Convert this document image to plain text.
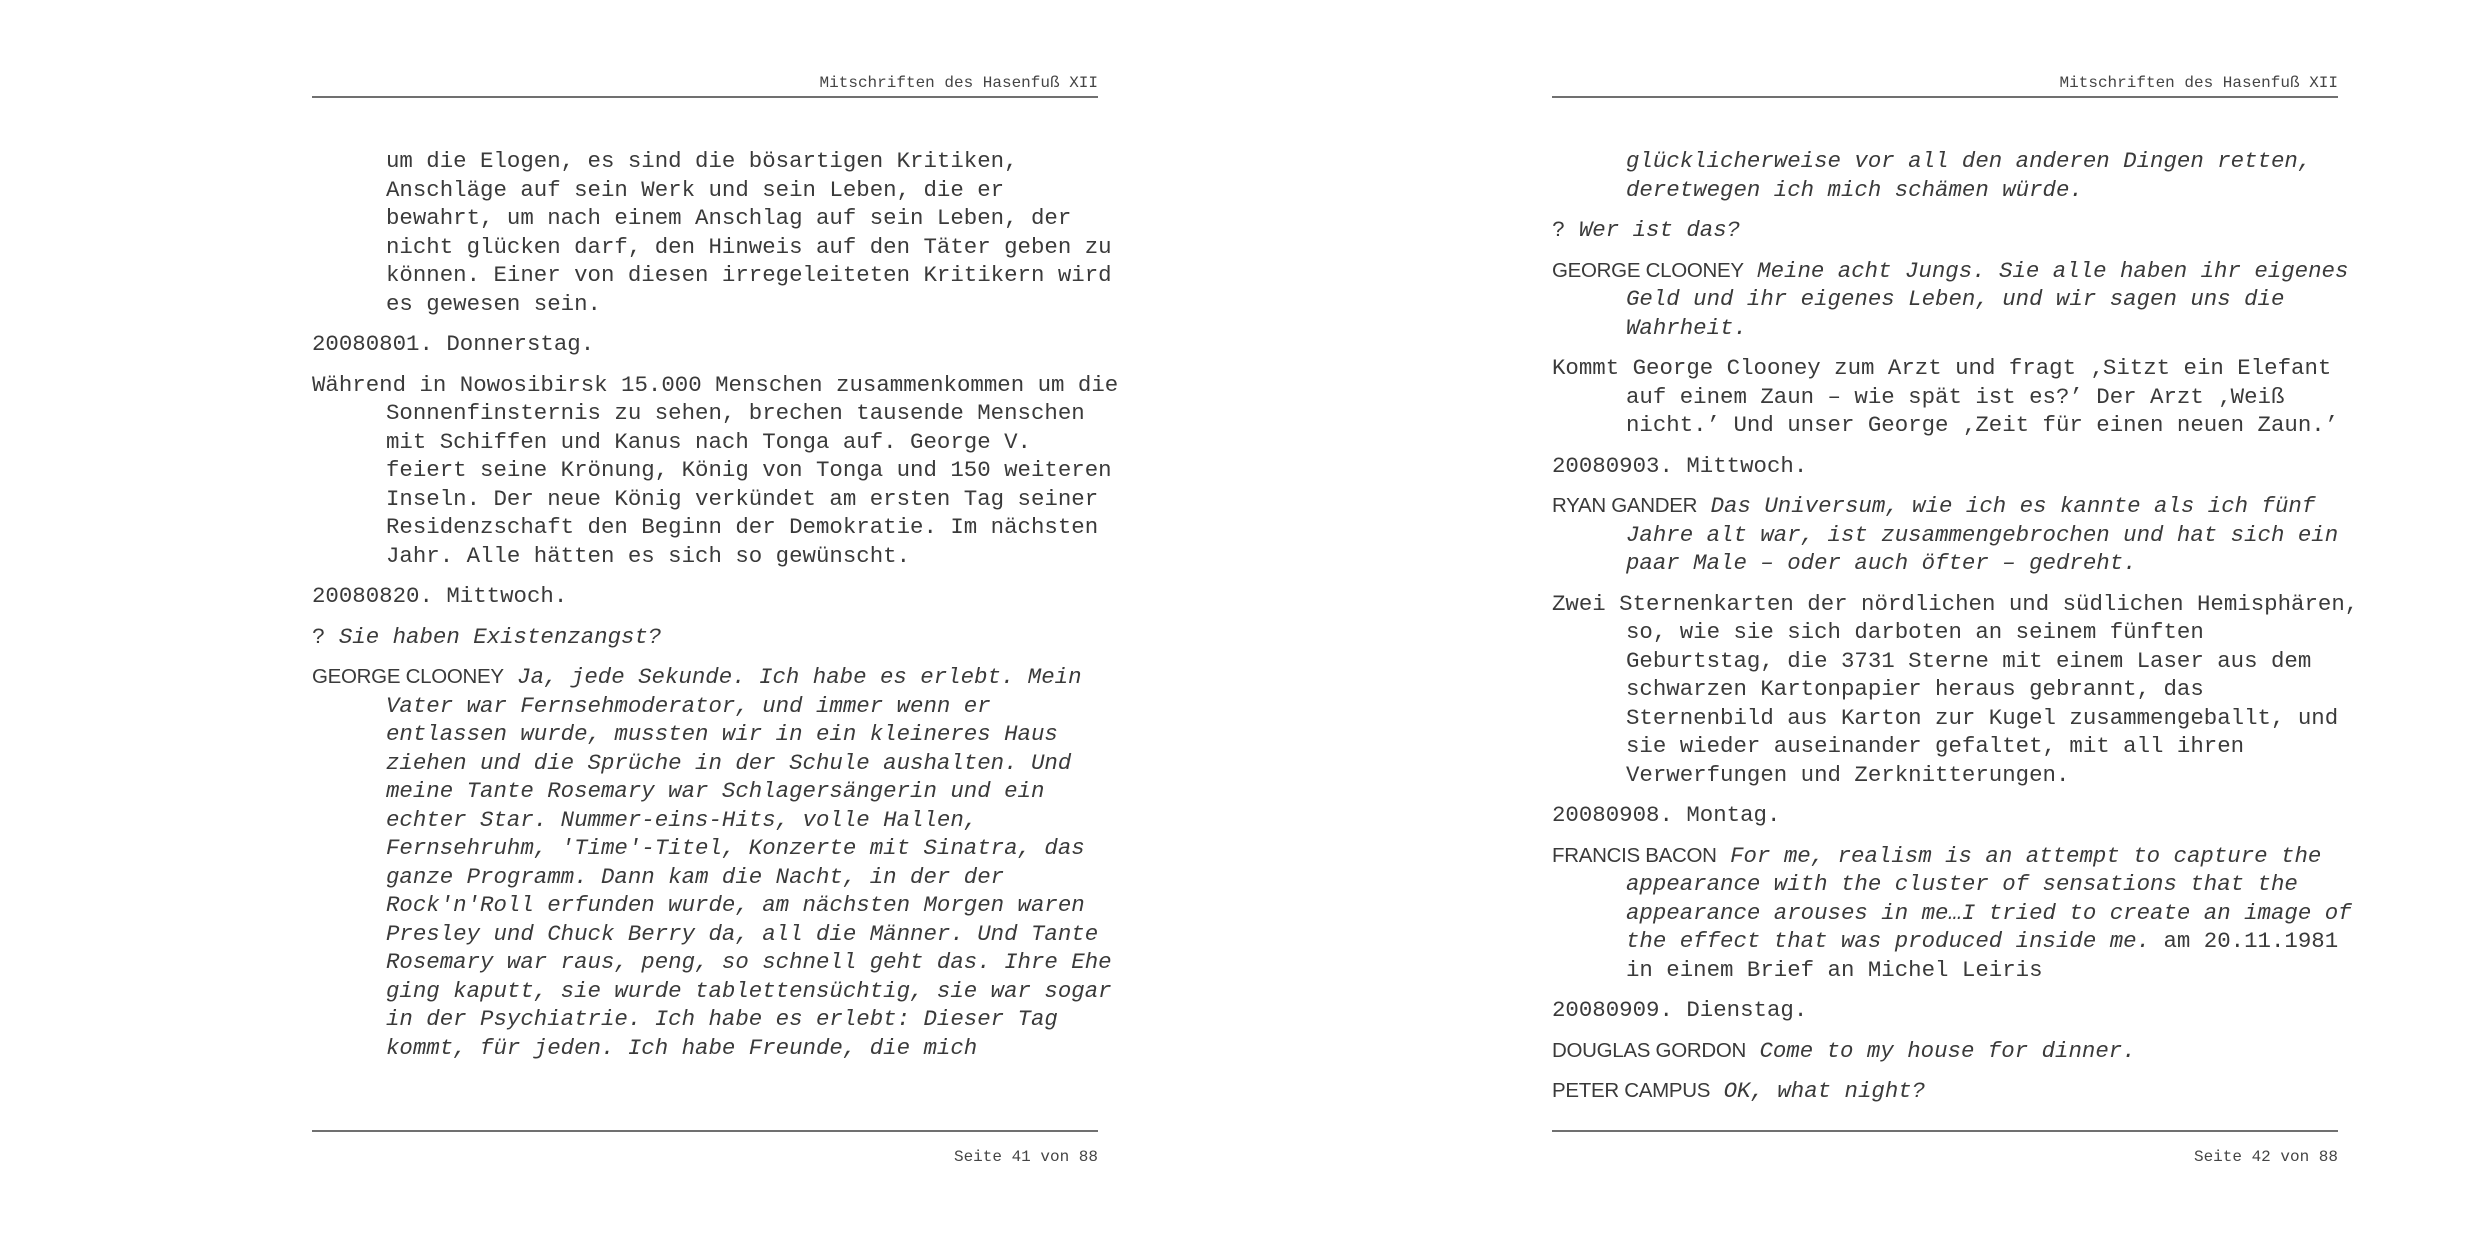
Mitschriften des Hasenfuß XII
um die Elogen, es sind die bösartigen Kritiken,
Anschläge auf sein Werk und sein Leben, die er
bewahrt, um nach einem Anschlag auf sein Leben, der
nicht glücken darf, den Hinweis auf den Täter geben zu
können. Einer von diesen irregeleiteten Kritikern wird
es gewesen sein.
20080801. Donnerstag.
Während in Nowosibirsk 15.000 Menschen zusammenkommen um die
Sonnenfinsternis zu sehen, brechen tausende Menschen
mit Schiffen und Kanus nach Tonga auf. George V.
feiert seine Krönung, König von Tonga und 150 weiteren
Inseln. Der neue König verkündet am ersten Tag seiner
Residenzschaft den Beginn der Demokratie. Im nächsten
Jahr. Alle hätten es sich so gewünscht.
20080820. Mittwoch.
? Sie haben Existenzangst?
GEORGE CLOONEY Ja, jede Sekunde. Ich habe es erlebt. Mein
Vater war Fernsehmoderator, und immer wenn er
entlassen wurde, mussten wir in ein kleineres Haus
ziehen und die Sprüche in der Schule aushalten. Und
meine Tante Rosemary war Schlagersängerin und ein
echter Star. Nummer-eins-Hits, volle Hallen,
Fernsehruhm, 'Time'-Titel, Konzerte mit Sinatra, das
ganze Programm. Dann kam die Nacht, in der der
Rock'n'Roll erfunden wurde, am nächsten Morgen waren
Presley und Chuck Berry da, all die Männer. Und Tante
Rosemary war raus, peng, so schnell geht das. Ihre Ehe
ging kaputt, sie wurde tablettensüchtig, sie war sogar
in der Psychiatrie. Ich habe es erlebt: Dieser Tag
kommt, für jeden. Ich habe Freunde, die mich
Seite 41 von 88
Mitschriften des Hasenfuß XII
glücklicherweise vor all den anderen Dingen retten,
deretwegen ich mich schämen würde.
? Wer ist das?
GEORGE CLOONEY Meine acht Jungs. Sie alle haben ihr eigenes
Geld und ihr eigenes Leben, und wir sagen uns die
Wahrheit.
Kommt George Clooney zum Arzt und fragt ‚Sitzt ein Elefant
auf einem Zaun – wie spät ist es?’ Der Arzt ‚Weiß
nicht.’ Und unser George ‚Zeit für einen neuen Zaun.’
20080903. Mittwoch.
RYAN GANDER Das Universum, wie ich es kannte als ich fünf
Jahre alt war, ist zusammengebrochen und hat sich ein
paar Male – oder auch öfter – gedreht.
Zwei Sternenkarten der nördlichen und südlichen Hemisphären,
so, wie sie sich darboten an seinem fünften
Geburtstag, die 3731 Sterne mit einem Laser aus dem
schwarzen Kartonpapier heraus gebrannt, das
Sternenbild aus Karton zur Kugel zusammengeballt, und
sie wieder auseinander gefaltet, mit all ihren
Verwerfungen und Zerknitterungen.
20080908. Montag.
FRANCIS BACON For me, realism is an attempt to capture the
appearance with the cluster of sensations that the
appearance arouses in me…I tried to create an image of
the effect that was produced inside me. am 20.11.1981
in einem Brief an Michel Leiris
20080909. Dienstag.
DOUGLAS GORDON Come to my house for dinner.
PETER CAMPUS OK, what night?
Seite 42 von 88
